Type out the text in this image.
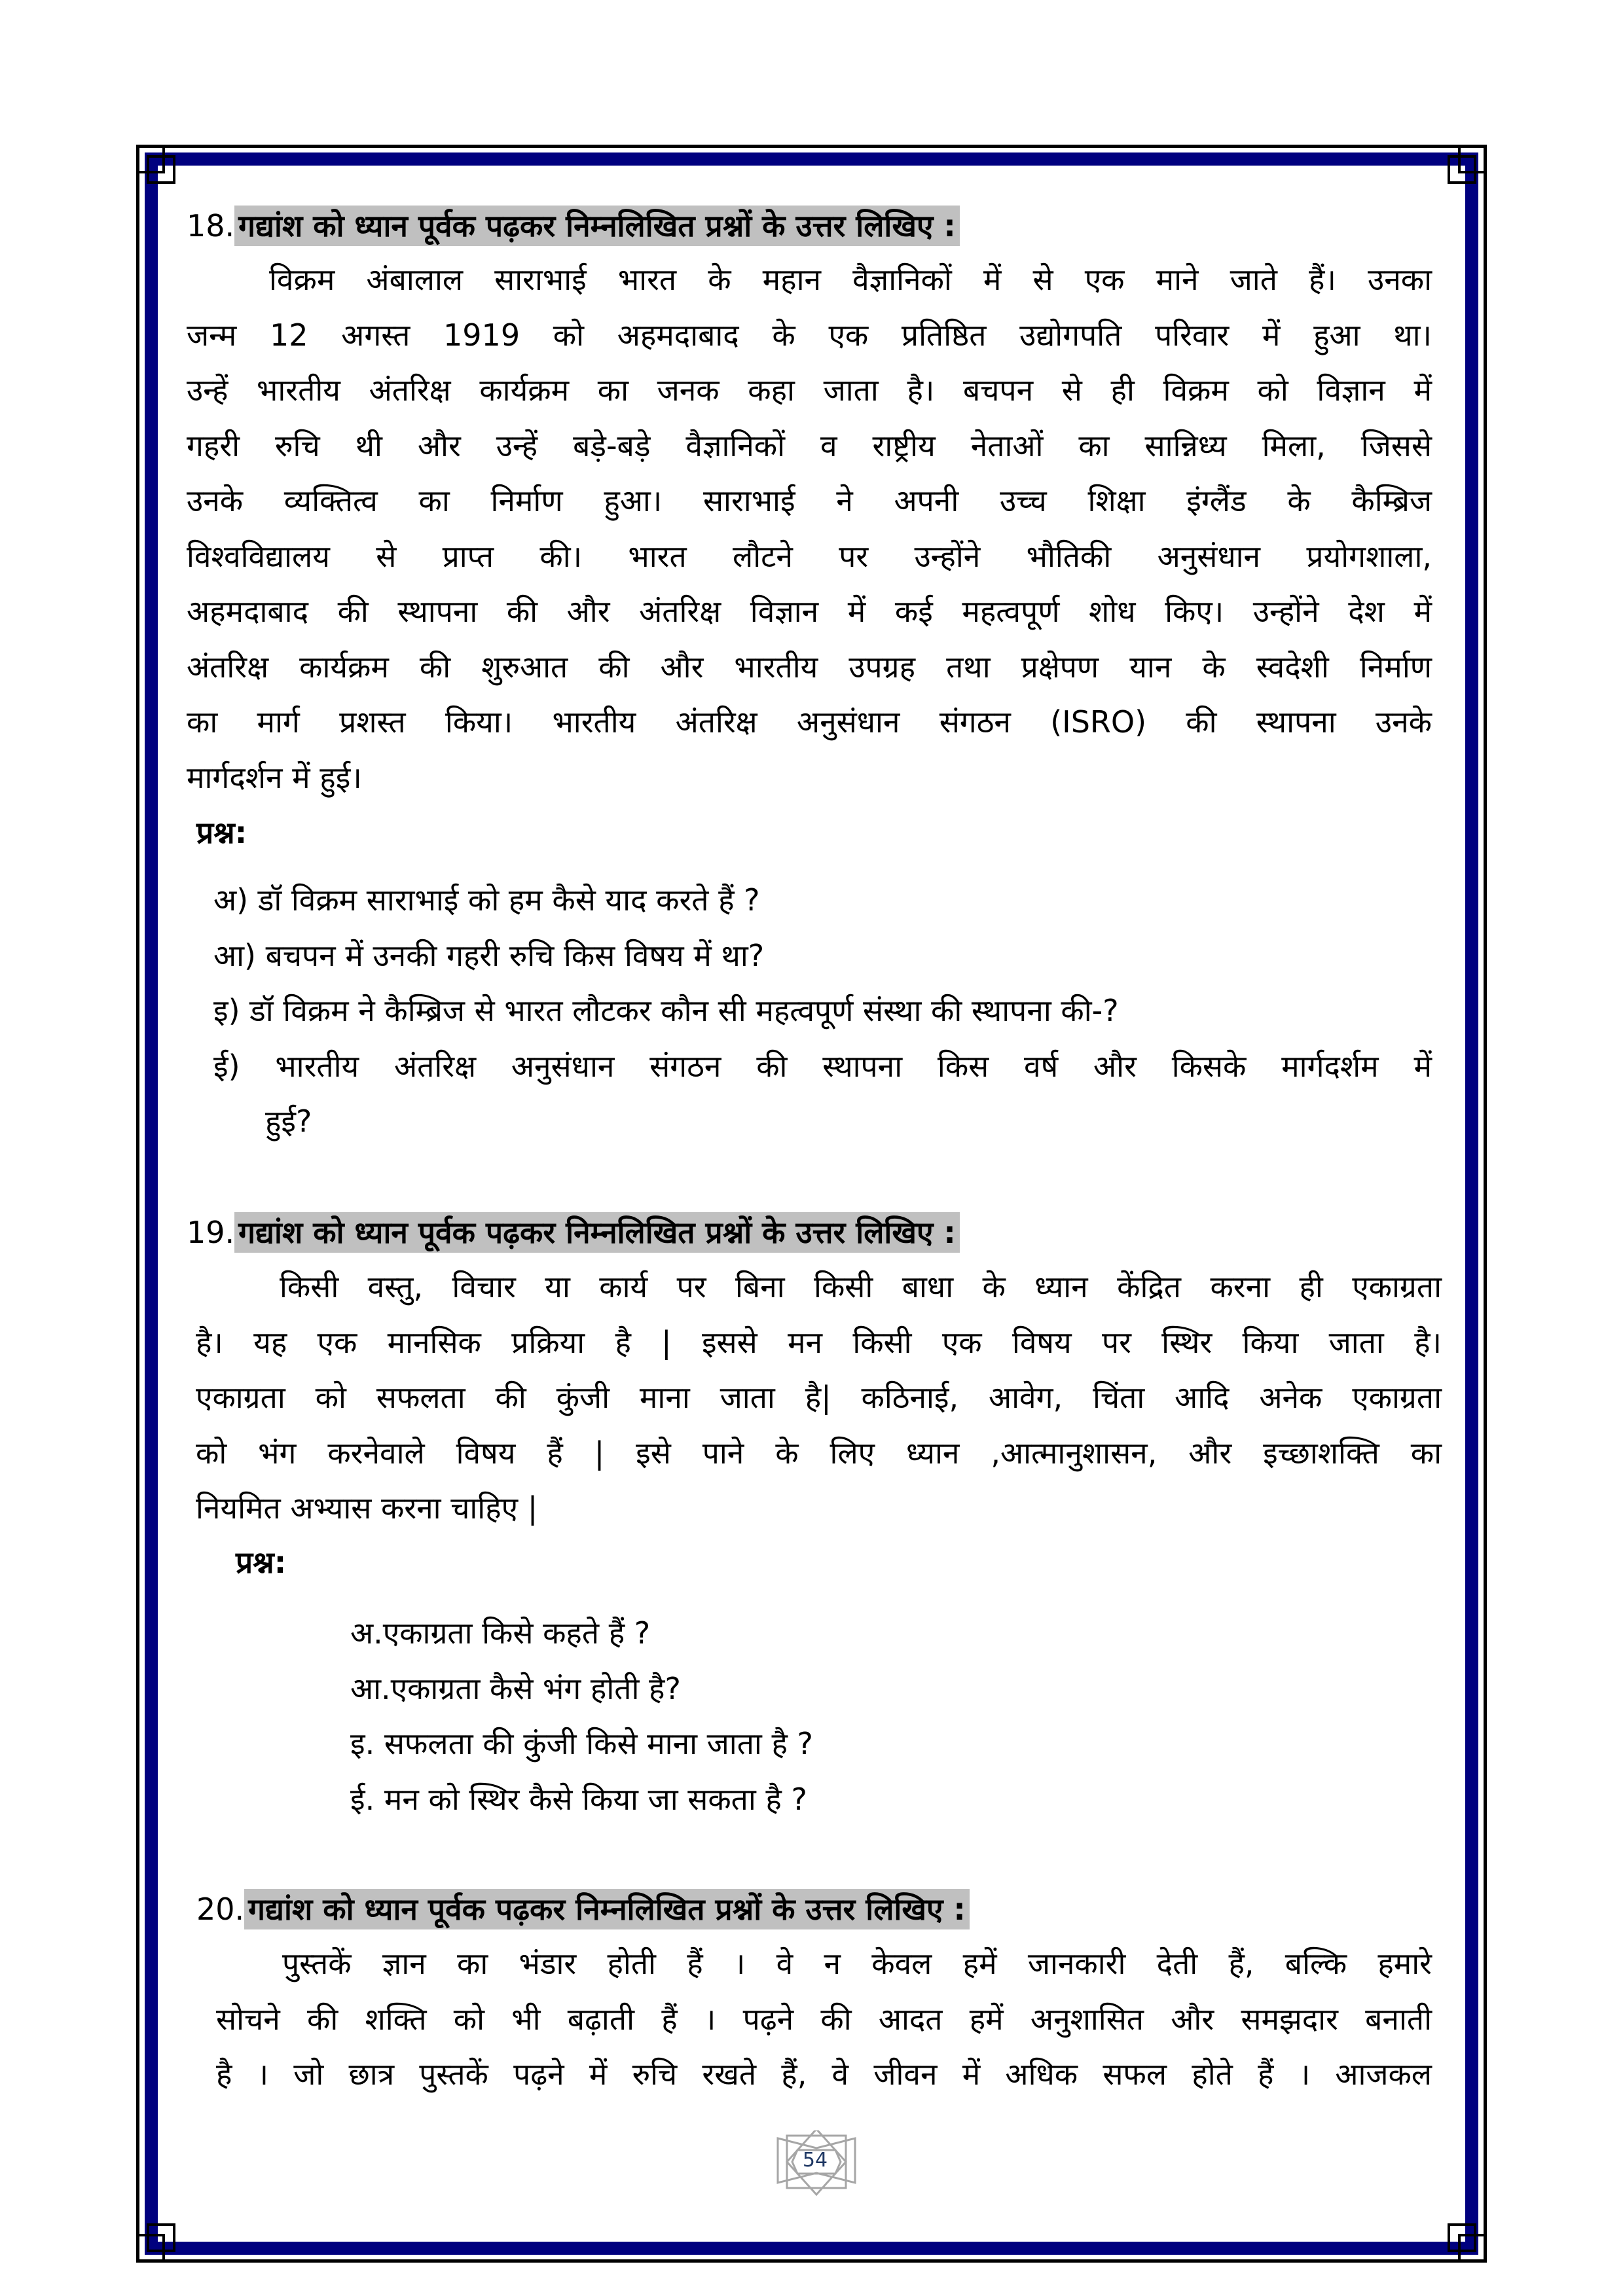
18. गद्यांश को ध्यान पूर्वक पढ़कर निम्नलिखित प्रश्नों के उत्तर लिखिए :
विक्रम अंबालाल साराभाई भारत के महान वैज्ञानिकों में से एक माने जाते हैं। उनका
जन्म 12 अगस्त 1919 को अहमदाबाद के एक प्रतिष्ठित उद्योगपति परिवार में हुआ था।
उन्हें भारतीय अंतरिक्ष कार्यक्रम का जनक कहा जाता है। बचपन से ही विक्रम को विज्ञान में
गहरी रुचि थी और उन्हें बड़े-बड़े वैज्ञानिकों व राष्ट्रीय नेताओं का सान्निध्य मिला, जिससे
उनके व्यक्तित्व का निर्माण हुआ। साराभाई ने अपनी उच्च शिक्षा इंग्लैंड के कैम्ब्रिज
विश्वविद्यालय से प्राप्त की। भारत लौटने पर उन्होंने भौतिकी अनुसंधान प्रयोगशाला,
अहमदाबाद की स्थापना की और अंतरिक्ष विज्ञान में कई महत्वपूर्ण शोध किए। उन्होंने देश में
अंतरिक्ष कार्यक्रम की शुरुआत की और भारतीय उपग्रह तथा प्रक्षेपण यान के स्वदेशी निर्माण
का मार्ग प्रशस्त किया। भारतीय अंतरिक्ष अनुसंधान संगठन (ISRO) की स्थापना उनके
मार्गदर्शन में हुई।
प्रश्न:
अ) डॉ विक्रम साराभाई को हम कैसे याद करते हैं ?
आ) बचपन में उनकी गहरी रुचि किस विषय में था?
इ) डॉ विक्रम ने कैम्ब्रिज से भारत लौटकर कौन सी महत्वपूर्ण संस्था की स्थापना की-?
ई) भारतीय अंतरिक्ष अनुसंधान संगठन की स्थापना किस वर्ष और किसके मार्गदर्शम में
हुई?
19. गद्यांश को ध्यान पूर्वक पढ़कर निम्नलिखित प्रश्नों के उत्तर लिखिए :
किसी वस्तु, विचार या कार्य पर बिना किसी बाधा के ध्यान केंद्रित करना ही एकाग्रता
है। यह एक मानसिक प्रक्रिया है | इससे मन किसी एक विषय पर स्थिर किया जाता है।
एकाग्रता को सफलता की कुंजी माना जाता है| कठिनाई, आवेग, चिंता आदि अनेक एकाग्रता
को भंग करनेवाले विषय हैं | इसे पाने के लिए ध्यान ,आत्मानुशासन, और इच्छाशक्ति का
नियमित अभ्यास करना चाहिए |
प्रश्न:
अ.एकाग्रता किसे कहते हैं ?
आ.एकाग्रता कैसे भंग होती है?
इ. सफलता की कुंजी किसे माना जाता है ?
ई. मन को स्थिर कैसे किया जा सकता है ?
20. गद्यांश को ध्यान पूर्वक पढ़कर निम्नलिखित प्रश्नों के उत्तर लिखिए :
पुस्तकें ज्ञान का भंडार होती हैं । वे न केवल हमें जानकारी देती हैं, बल्कि हमारे
सोचने की शक्ति को भी बढ़ाती हैं । पढ़ने की आदत हमें अनुशासित और समझदार बनाती
है । जो छात्र पुस्तकें पढ़ने में रुचि रखते हैं, वे जीवन में अधिक सफल होते हैं । आजकल
54
